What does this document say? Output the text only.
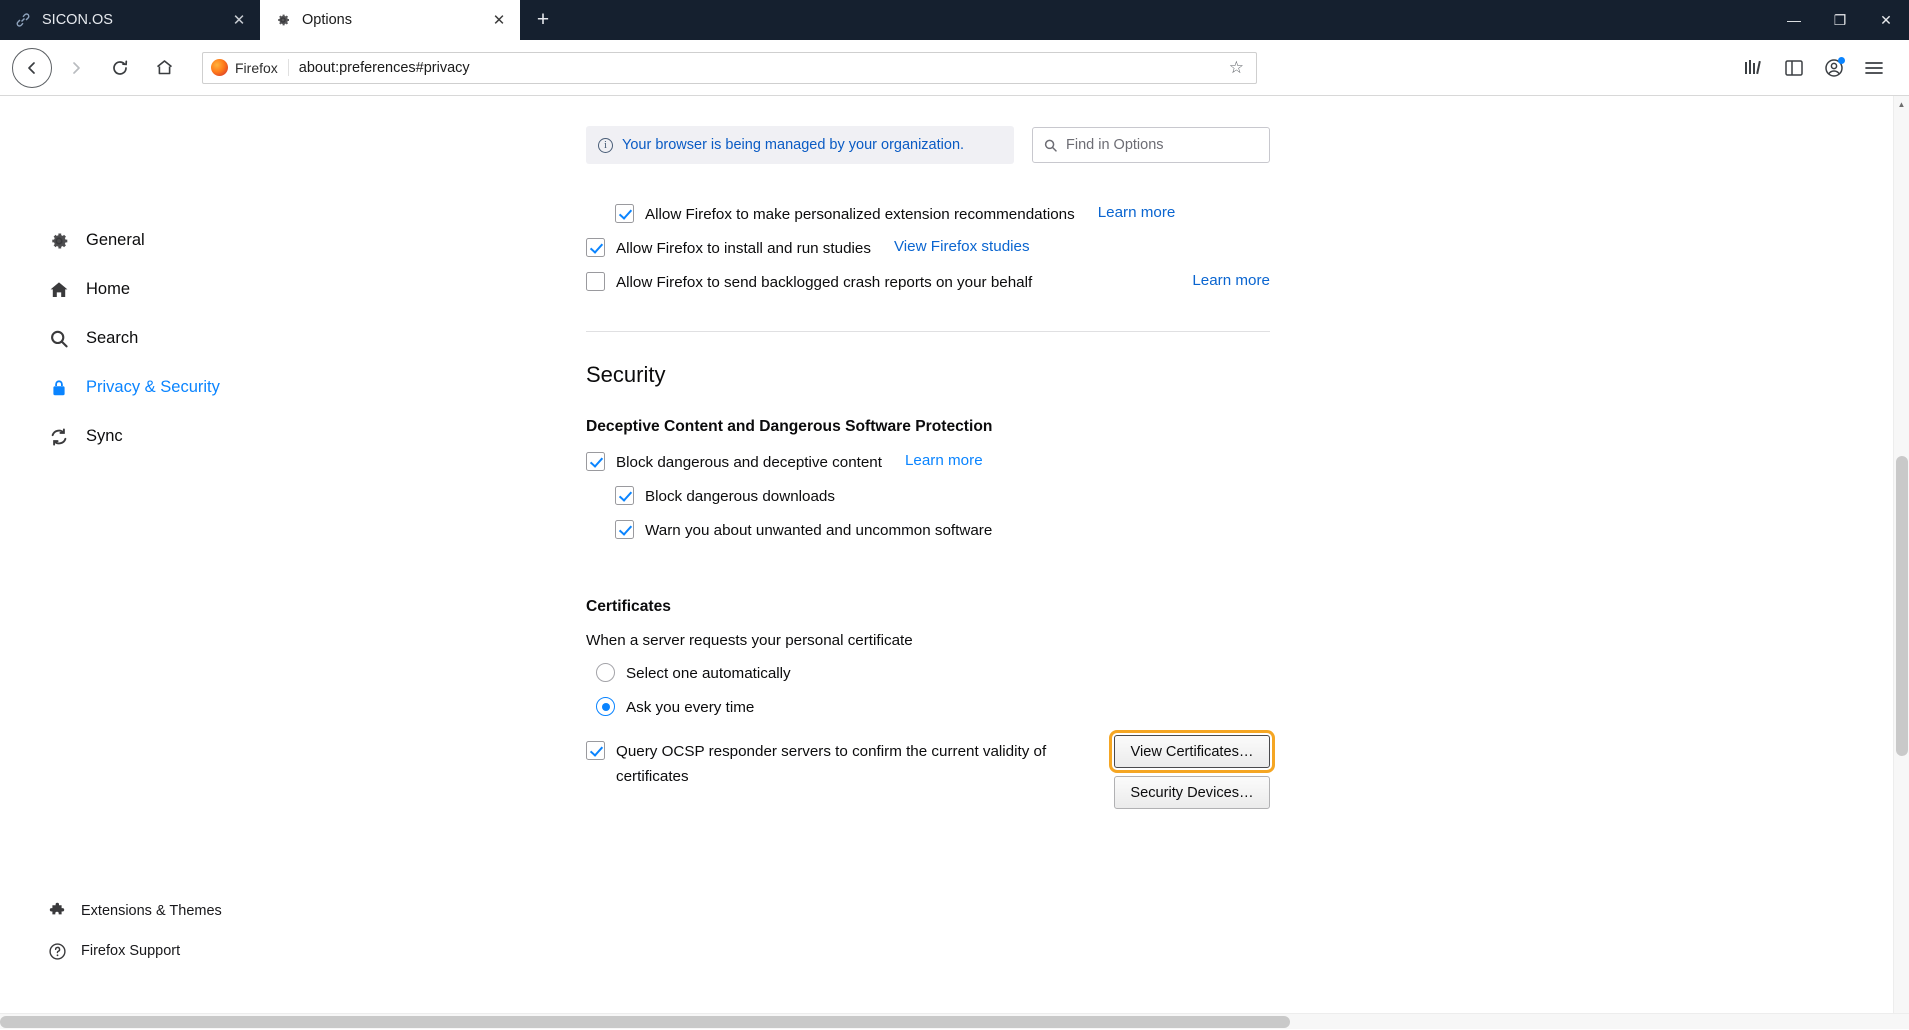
SICON.OS	✕	Options	✕	+	—	❐	✕
Firefox about:preferences#privacy	☆
General
Home
Search
Privacy & Security
Sync
Extensions & Themes
Firefox Support
i	Your browser is being managed by your organization.	Find in Options
Allow Firefox to make personalized extension recommendations Learn more
Allow Firefox to install and run studies View Firefox studies
Allow Firefox to send backlogged crash reports on your behalf	Learn more
Security
Deceptive Content and Dangerous Software Protection
Block dangerous and deceptive content Learn more
Block dangerous downloads
Warn you about unwanted and uncommon software
Certificates
When a server requests your personal certificate
Select one automatically
Ask you every time
Query OCSP responder servers to confirm the current validity of certificates
View Certificates…
Security Devices…
▲
